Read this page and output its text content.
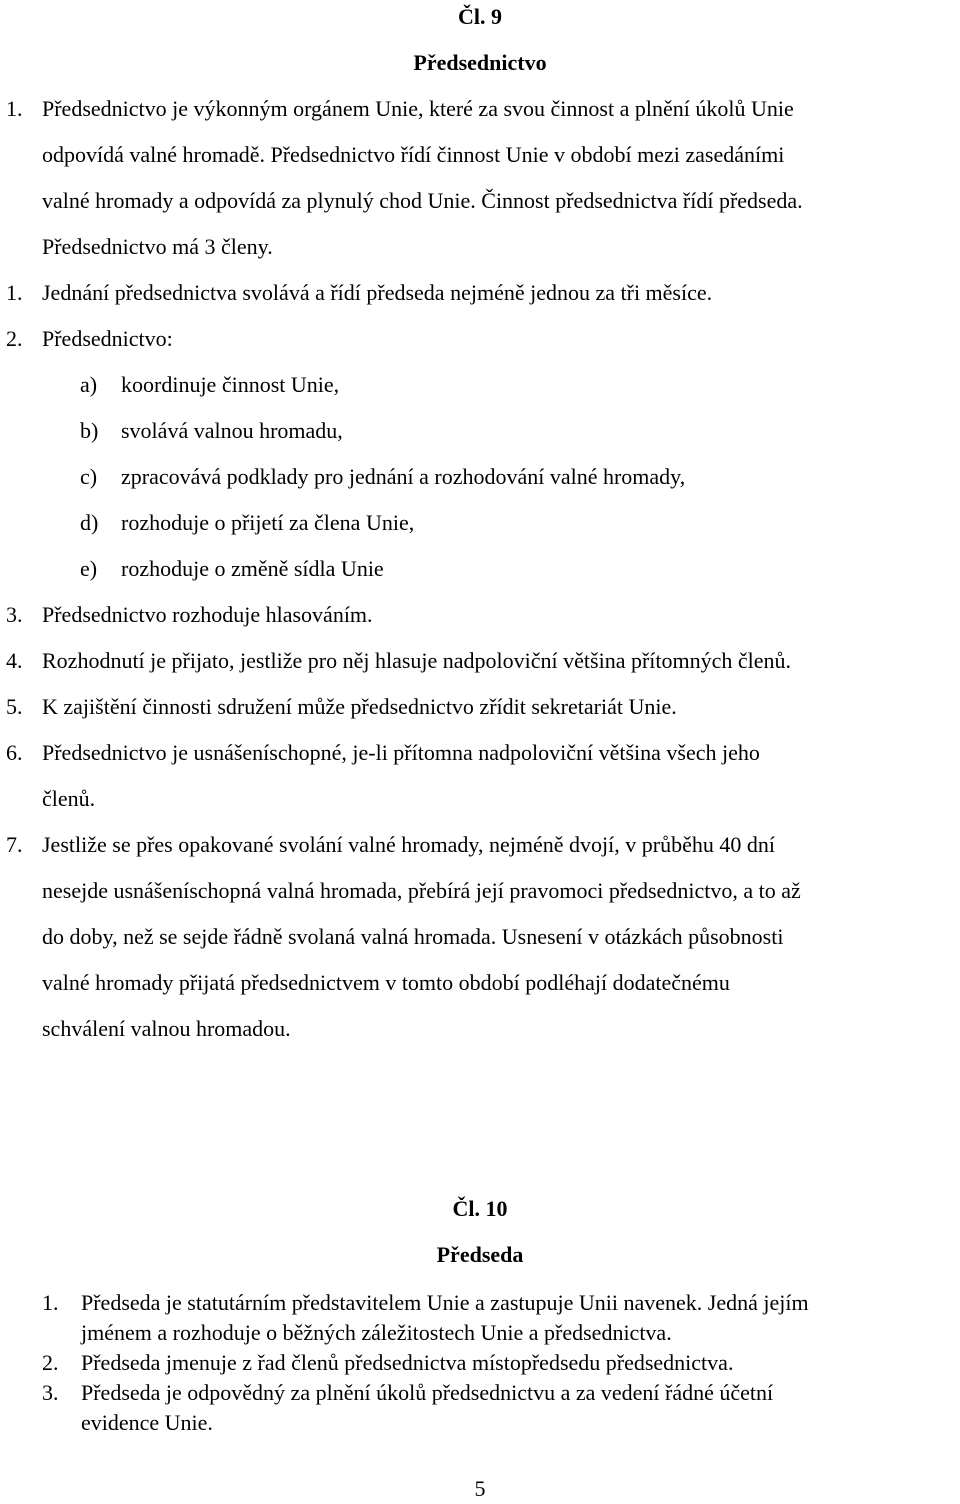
Čl. 9
Předsednictvo
1. Předsednictvo je výkonným orgánem Unie, které za svou činnost a plnění úkolů Unie
odpovídá valné hromadě. Předsednictvo řídí činnost Unie v období mezi zasedáními
valné hromady a odpovídá za plynulý chod Unie. Činnost předsednictva řídí předseda.
Předsednictvo má 3 členy.
1. Jednání předsednictva svolává a řídí předseda nejméně jednou za tři měsíce.
2. Předsednictvo:
a) koordinuje činnost Unie,
b) svolává valnou hromadu,
c) zpracovává podklady pro jednání a rozhodování valné hromady,
d) rozhoduje o přijetí za člena Unie,
e) rozhoduje o změně sídla Unie
3. Předsednictvo rozhoduje hlasováním.
4. Rozhodnutí je přijato, jestliže pro něj hlasuje nadpoloviční většina přítomných členů.
5. K zajištění činnosti sdružení může předsednictvo zřídit sekretariát Unie.
6. Předsednictvo je usnášeníschopné, je-li přítomna nadpoloviční většina všech jeho
členů.
7. Jestliže se přes opakované svolání valné hromady, nejméně dvojí, v průběhu 40 dní
nesejde usnášeníschopná valná hromada, přebírá její pravomoci předsednictvo, a to až
do doby, než se sejde řádně svolaná valná hromada. Usnesení v otázkách působnosti
valné hromady přijatá předsednictvem v tomto období podléhají dodatečnému
schválení valnou hromadou.
Čl. 10
Předseda
1. Předseda je statutárním představitelem Unie a zastupuje Unii navenek. Jedná jejím
jménem a rozhoduje o běžných záležitostech Unie a předsednictva.
2. Předseda jmenuje z řad členů předsednictva místopředsedu předsednictva.
3. Předseda je odpovědný za plnění úkolů předsednictvu a za vedení řádné účetní
evidence Unie.
5
